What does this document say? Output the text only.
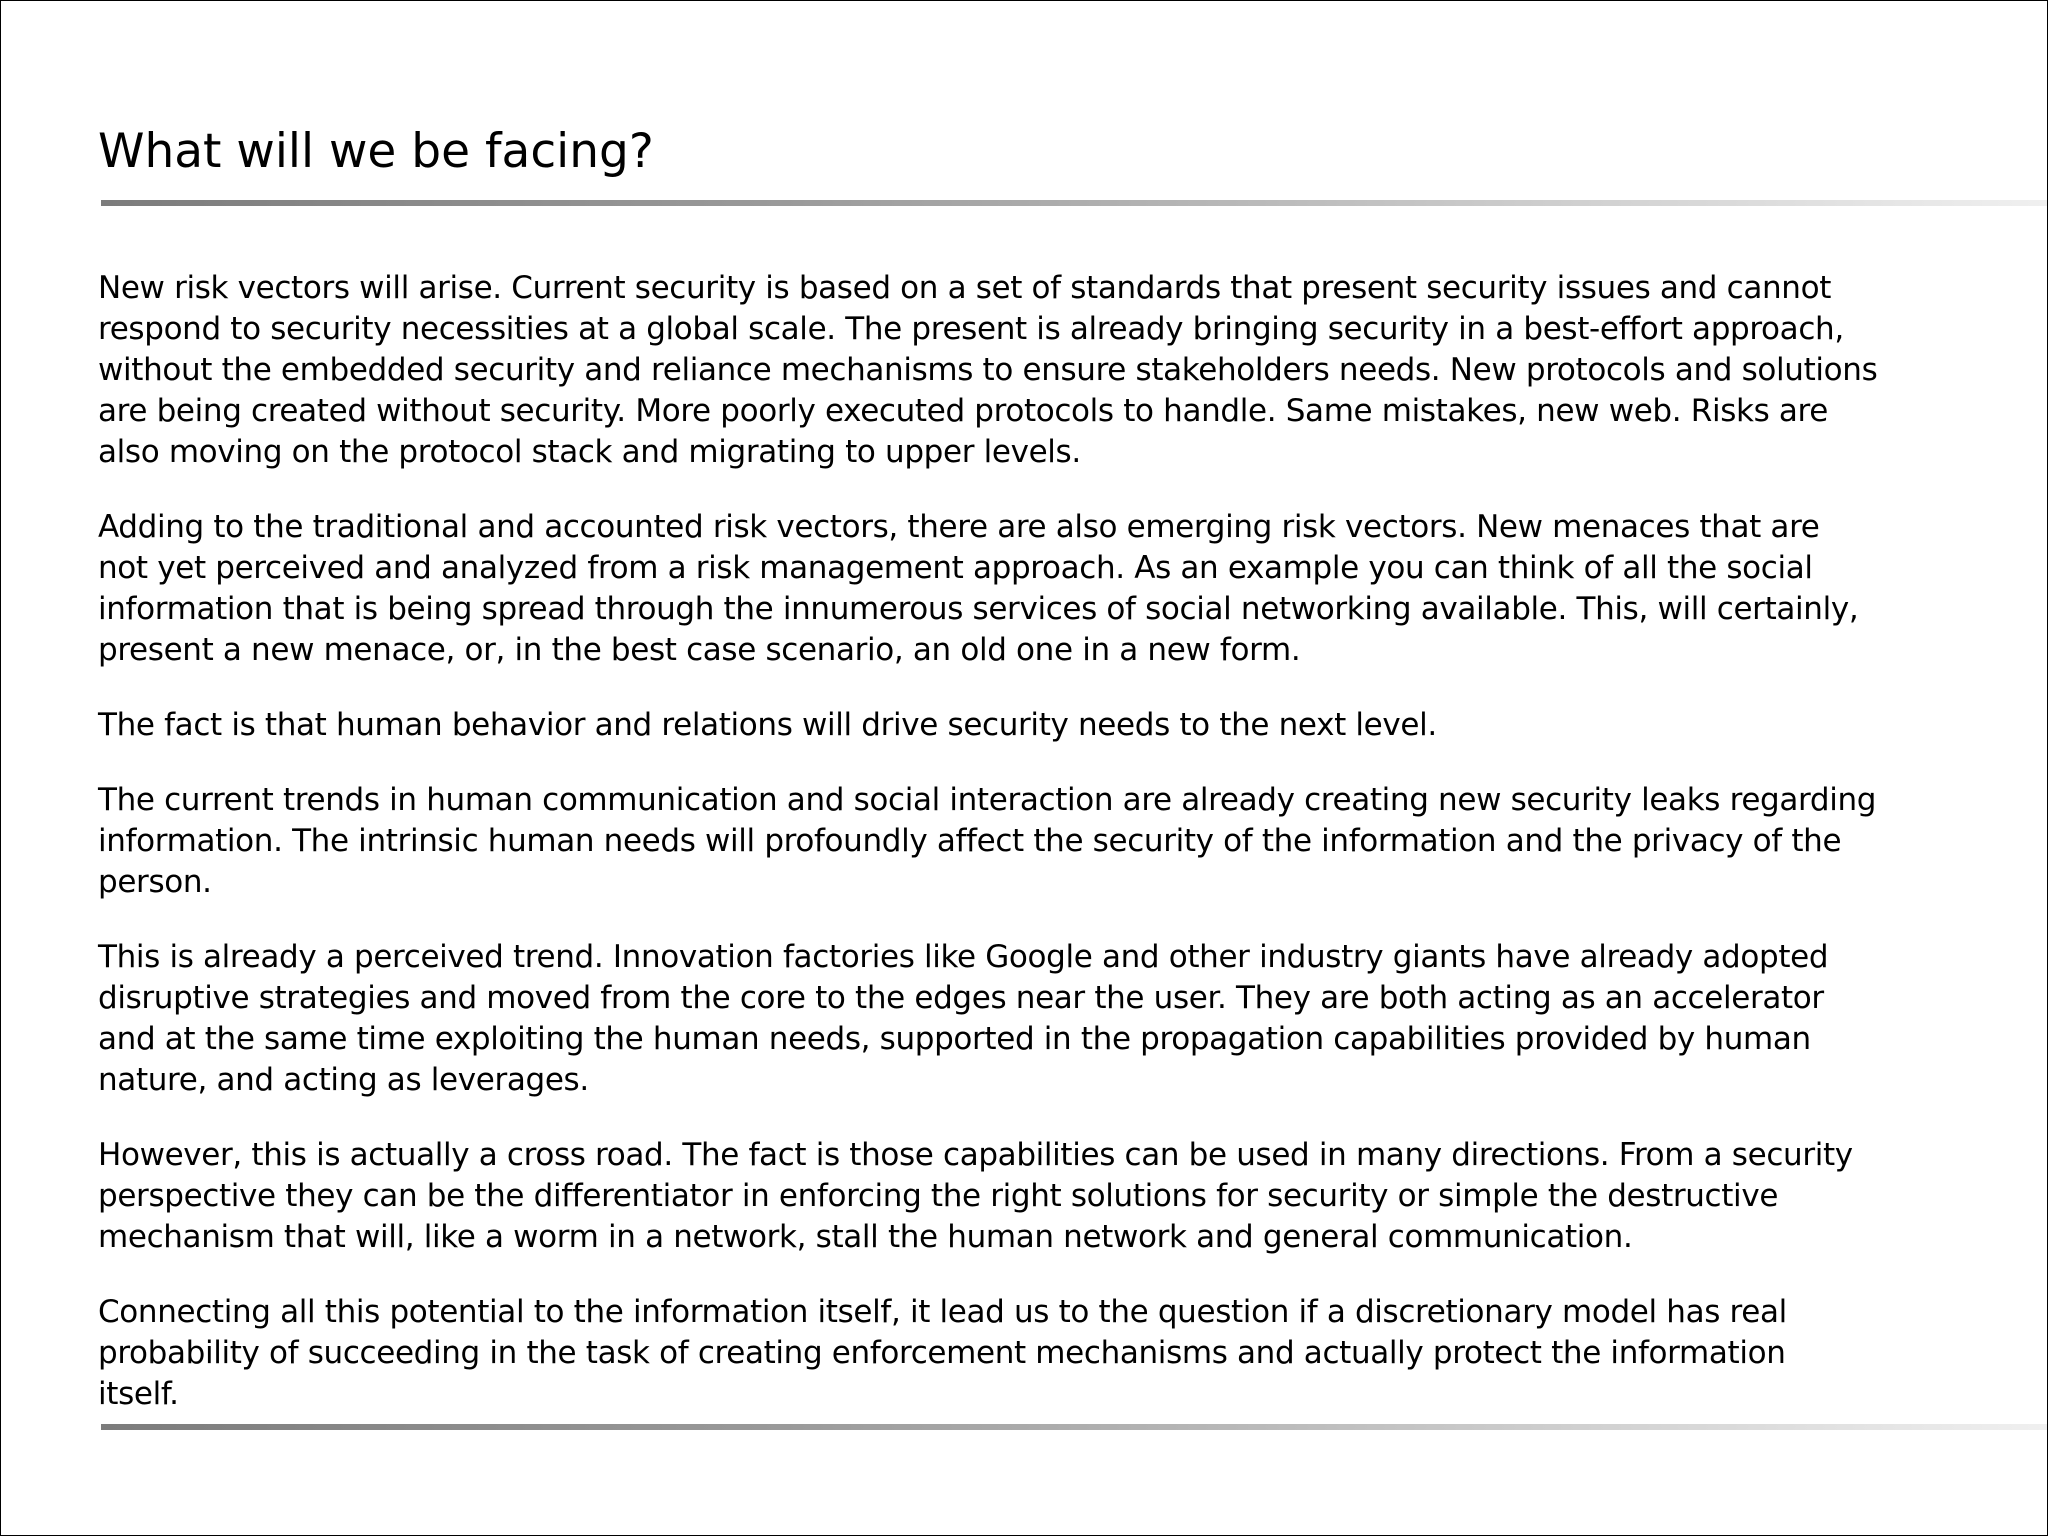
What will we be facing?

New risk vectors will arise. Current security is based on a set of standards that present security issues and cannot
respond to security necessities at a global scale. The present is already bringing security in a best-effort approach,
without the embedded security and reliance mechanisms to ensure stakeholders needs. New protocols and solutions
are being created without security. More poorly executed protocols to handle. Same mistakes, new web. Risks are
also moving on the protocol stack and migrating to upper levels.

Adding to the traditional and accounted risk vectors, there are also emerging risk vectors. New menaces that are
not yet perceived and analyzed from a risk management approach. As an example you can think of all the social
information that is being spread through the innumerous services of social networking available. This, will certainly,
present a new menace, or, in the best case scenario, an old one in a new form.

The fact is that human behavior and relations will drive security needs to the next level.

The current trends in human communication and social interaction are already creating new security leaks regarding
information. The intrinsic human needs will profoundly affect the security of the information and the privacy of the
person.

This is already a perceived trend. Innovation factories like Google and other industry giants have already adopted
disruptive strategies and moved from the core to the edges near the user. They are both acting as an accelerator
and at the same time exploiting the human needs, supported in the propagation capabilities provided by human
nature, and acting as leverages.

However, this is actually a cross road. The fact is those capabilities can be used in many directions. From a security
perspective they can be the differentiator in enforcing the right solutions for security or simple the destructive
mechanism that will, like a worm in a network, stall the human network and general communication.

Connecting all this potential to the information itself, it lead us to the question if a discretionary model has real
probability of succeeding in the task of creating enforcement mechanisms and actually protect the information
itself.
